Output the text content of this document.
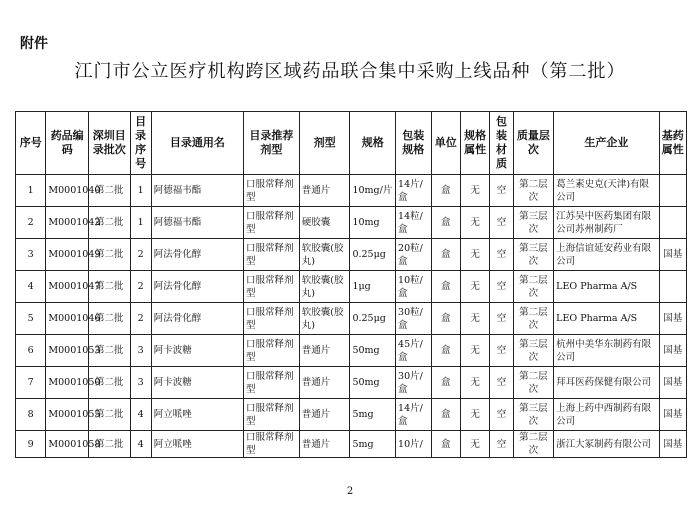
附件
江门市公立医疗机构跨区域药品联合集中采购上线品种（第二批）
序号	药品编码	深圳目录批次	目录序号	目录通用名	目录推荐剂型	剂型	规格	包装规格	单位	规格属性	包装材质	质量层次	生产企业	基药属性
1	M0001040	第二批	1	阿德福韦酯	口服常释剂型	普通片	10mg/片	14片/盒	盒	无	空	第二层次	葛兰素史克(天津)有限公司	
2	M0001042	第二批	1	阿德福韦酯	口服常释剂型	硬胶囊	10mg	14粒/盒	盒	无	空	第三层次	江苏吴中医药集团有限公司苏州制药厂	
3	M0001049	第二批	2	阿法骨化醇	口服常释剂型	软胶囊(胶丸)	0.25μg	20粒/盒	盒	无	空	第三层次	上海信谊延安药业有限公司	国基
4	M0001047	第二批	2	阿法骨化醇	口服常释剂型	软胶囊(胶丸)	1μg	10粒/盒	盒	无	空	第二层次	LEO Pharma A/S	
5	M0001046	第二批	2	阿法骨化醇	口服常释剂型	软胶囊(胶丸)	0.25μg	30粒/盒	盒	无	空	第二层次	LEO Pharma A/S	国基
6	M0001053	第二批	3	阿卡波糖	口服常释剂型	普通片	50mg	45片/盒	盒	无	空	第三层次	杭州中美华东制药有限公司	国基
7	M0001050	第二批	3	阿卡波糖	口服常释剂型	普通片	50mg	30片/盒	盒	无	空	第二层次	拜耳医药保健有限公司	国基
8	M0001055	第二批	4	阿立哌唑	口服常释剂型	普通片	5mg	14片/盒	盒	无	空	第三层次	上海上药中西制药有限公司	国基
9	M0001058	第二批	4	阿立哌唑	口服常释剂型	普通片	5mg	10片/	盒	无	空	第二层次	浙江大冢制药有限公司	国基
2
